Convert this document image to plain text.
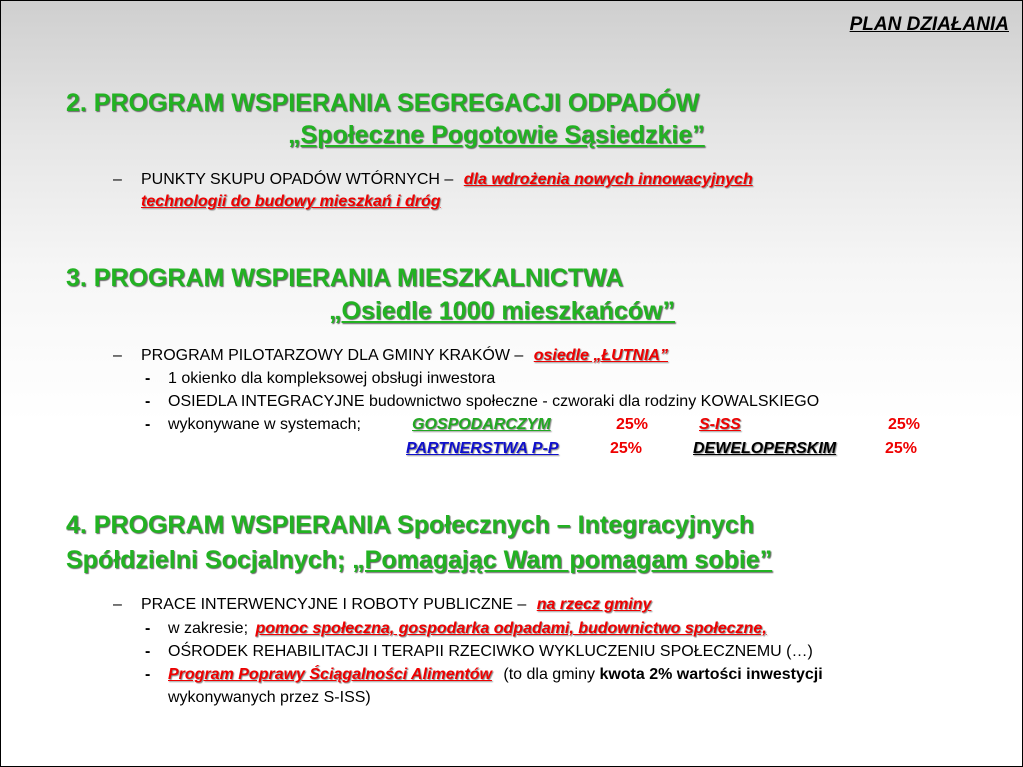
PLAN DZIAŁANIA
2. PROGRAM WSPIERANIA SEGREGACJI ODPADÓW
„Społeczne Pogotowie Sąsiedzkie”
– PUNKTY SKUPU OPADÓW WTÓRNYCH – dla wdrożenia nowych innowacyjnych
technologii do budowy mieszkań i dróg
3. PROGRAM WSPIERANIA MIESZKALNICTWA
„Osiedle 1000 mieszkańców”
– PROGRAM PILOTARZOWY DLA GMINY KRAKÓW – osiedle „ŁUTNIA”
- 1 okienko dla kompleksowej obsługi inwestora
- OSIEDLA INTEGRACYJNE budownictwo społeczne - czworaki dla rodziny KOWALSKIEGO
- wykonywane w systemach;	GOSPODARCZYM	25%	S-ISS	25%
PARTNERSTWA P-P	25%	DEWELOPERSKIM	25%
4. PROGRAM WSPIERANIA Społecznych – Integracyjnych
Spółdzielni Socjalnych; „Pomagając Wam pomagam sobie”
– PRACE INTERWENCYJNE I ROBOTY PUBLICZNE – na rzecz gminy
- w zakresie; pomoc społeczna, gospodarka odpadami, budownictwo społeczne,
- OŚRODEK REHABILITACJI I TERAPII RZECIWKO WYKLUCZENIU SPOŁECZNEMU (…)
- Program Poprawy Ściągalności Alimentów (to dla gminy kwota 2% wartości inwestycji
wykonywanych przez S-ISS)
